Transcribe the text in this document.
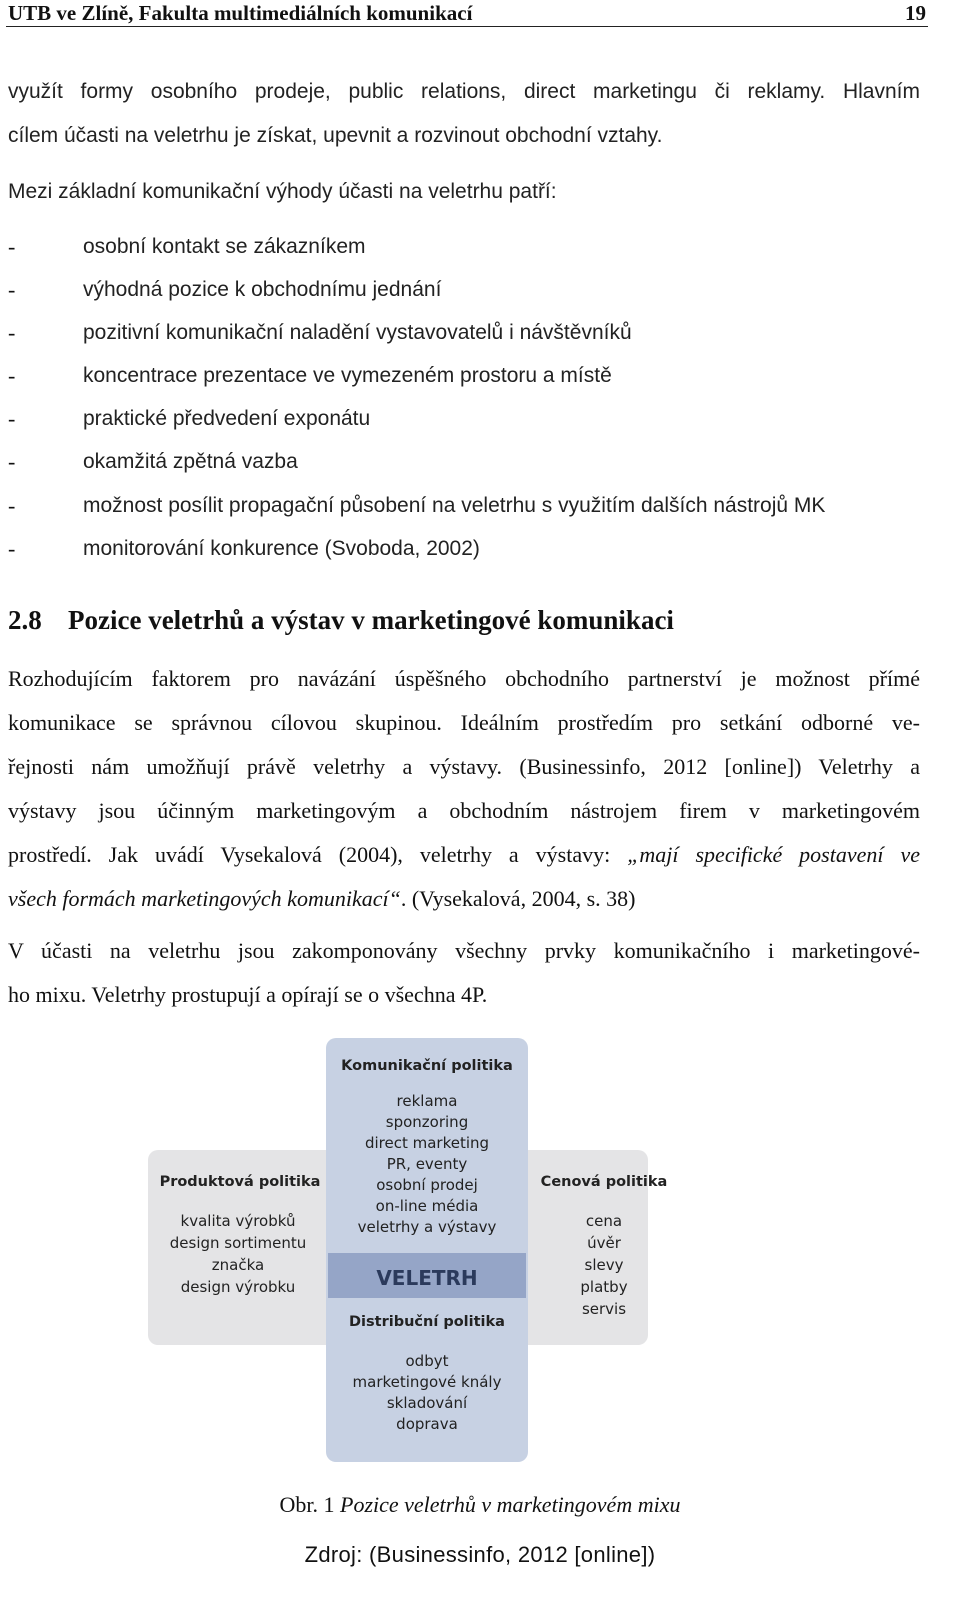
UTB ve Zlíně, Fakulta multimediálních komunikací	19
využít formy osobního prodeje, public relations, direct marketingu či reklamy. Hlavním
cílem účasti na veletrhu je získat, upevnit a rozvinout obchodní vztahy.
Mezi základní komunikační výhody účasti na veletrhu patří:
-	osobní kontakt se zákazníkem
-	výhodná pozice k obchodnímu jednání
-	pozitivní komunikační naladění vystavovatelů i návštěvníků
-	koncentrace prezentace ve vymezeném prostoru a místě
-	praktické předvedení exponátu
-	okamžitá zpětná vazba
-	možnost posílit propagační působení na veletrhu s využitím dalších nástrojů MK
-	monitorování konkurence (Svoboda, 2002)
2.8 Pozice veletrhů a výstav v marketingové komunikaci
Rozhodujícím faktorem pro navázání úspěšného obchodního partnerství je možnost přímé
komunikace se správnou cílovou skupinou. Ideálním prostředím pro setkání odborné ve-
řejnosti nám umožňují právě veletrhy a výstavy. (Businessinfo, 2012 [online]) Veletrhy a
výstavy jsou účinným marketingovým a obchodním nástrojem firem v marketingovém
prostředí. Jak uvádí Vysekalová (2004), veletrhy a výstavy: „mají specifické postavení ve
všech formách marketingových komunikací“. (Vysekalová, 2004, s. 38)
V účasti na veletrhu jsou zakomponovány všechny prvky komunikačního i marketingové-
ho mixu. Veletrhy prostupují a opírají se o všechna 4P.
VELETRH
Komunikační politika
reklama
sponzoring
direct marketing
PR, eventy
osobní prodej
on-line média
veletrhy a výstavy
Produktová politika
kvalita výrobků
design sortimentu
značka
design výrobku
Cenová politika
cena
úvěr
slevy
platby
servis
Distribuční politika
odbyt
marketingové knály
skladování
doprava
Obr. 1 Pozice veletrhů v marketingovém mixu
Zdroj: (Businessinfo, 2012 [online])
